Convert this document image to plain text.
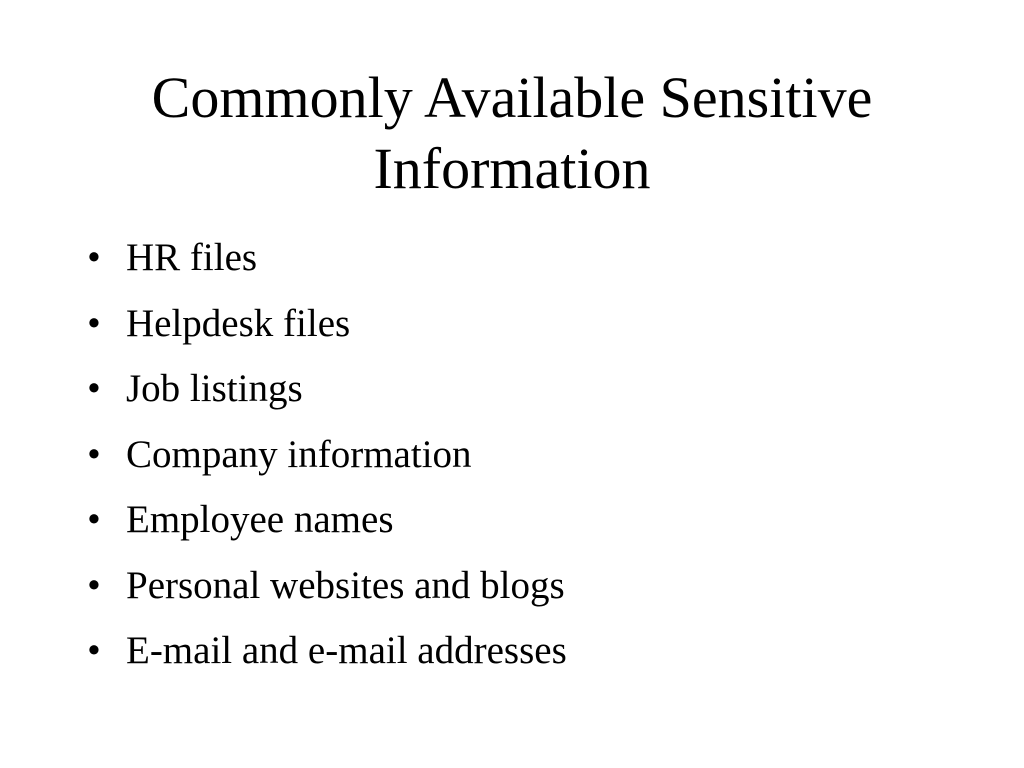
Commonly Available Sensitive
Information
• HR files
• Helpdesk files
• Job listings
• Company information
• Employee names
• Personal websites and blogs
• E-mail and e-mail addresses
